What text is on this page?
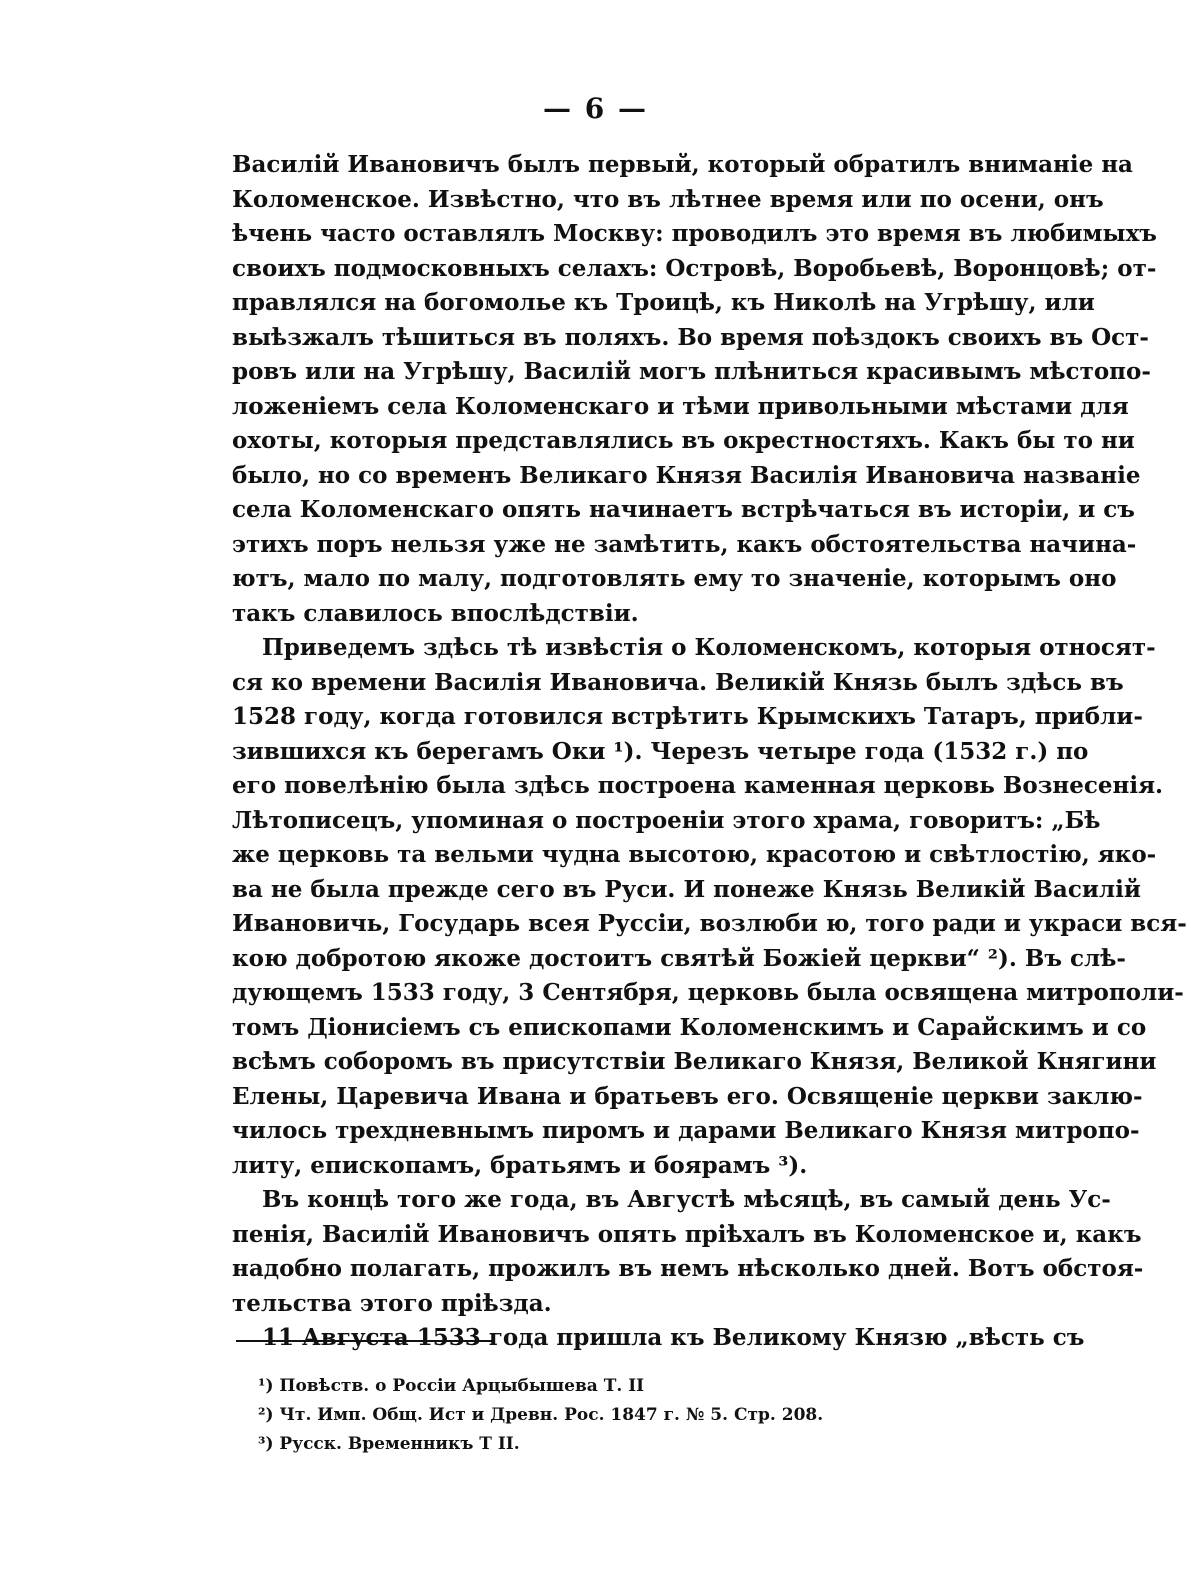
— 6 —
Василій Ивановичъ былъ первый, который обратилъ вниманіе на
Коломенское. Извѣстно, что въ лѣтнее время или по осени, онъ
ѣчень часто оставлялъ Москву: проводилъ это время въ любимыхъ
своихъ подмосковныхъ селахъ: Островѣ, Воробьевѣ, Воронцовѣ; от-
правлялся на богомолье къ Троицѣ, къ Николѣ на Угрѣшу, или
выѣзжалъ тѣшиться въ поляхъ. Во время поѣздокъ своихъ въ Ост-
ровъ или на Угрѣшу, Василій могъ плѣниться красивымъ мѣстопо-
ложеніемъ села Коломенскаго и тѣми привольными мѣстами для
охоты, которыя представлялись въ окрестностяхъ. Какъ бы то ни
было, но со временъ Великаго Князя Василія Ивановича названіе
села Коломенскаго опять начинаетъ встрѣчаться въ исторіи, и съ
этихъ поръ нельзя уже не замѣтить, какъ обстоятельства начина-
ютъ, мало по малу, подготовлять ему то значеніе, которымъ оно
такъ славилось впослѣдствіи.
Приведемъ здѣсь тѣ извѣстія о Коломенскомъ, которыя относят-
ся ко времени Василія Ивановича. Великій Князь былъ здѣсь въ
1528 году, когда готовился встрѣтить Крымскихъ Татаръ, прибли-
зившихся къ берегамъ Оки ¹). Черезъ четыре года (1532 г.) по
его повелѣнію была здѣсь построена каменная церковь Вознесенія.
Лѣтописецъ, упоминая о построеніи этого храма, говоритъ: „Бѣ
же церковь та вельми чудна высотою, красотою и свѣтлостію, яко-
ва не была прежде сего въ Руси. И понеже Князь Великій Василій
Ивановичь, Государь всея Руссіи, возлюби ю, того ради и украси вся-
кою добротою якоже достоитъ святѣй Божіей церкви“ ²). Въ слѣ-
дующемъ 1533 году, 3 Сентября, церковь была освящена митрополи-
томъ Діонисіемъ съ епископами Коломенскимъ и Сарайскимъ и со
всѣмъ соборомъ въ присутствіи Великаго Князя, Великой Княгини
Елены, Царевича Ивана и братьевъ его. Освященіе церкви заклю-
чилось трехдневнымъ пиромъ и дарами Великаго Князя митропо-
литу, епископамъ, братьямъ и боярамъ ³).
Въ концѣ того же года, въ Августѣ мѣсяцѣ, въ самый день Ус-
пенія, Василій Ивановичъ опять пріѣхалъ въ Коломенское и, какъ
надобно полагать, прожилъ въ немъ нѣсколько дней. Вотъ обстоя-
тельства этого пріѣзда.
11 Августа 1533 года пришла къ Великому Князю „вѣсть съ
¹) Повѣств. о Россіи Арцыбышева Т. II
²) Чт. Имп. Общ. Ист и Древн. Рос. 1847 г. № 5. Стр. 208.
³) Русск. Временникъ Т II.
